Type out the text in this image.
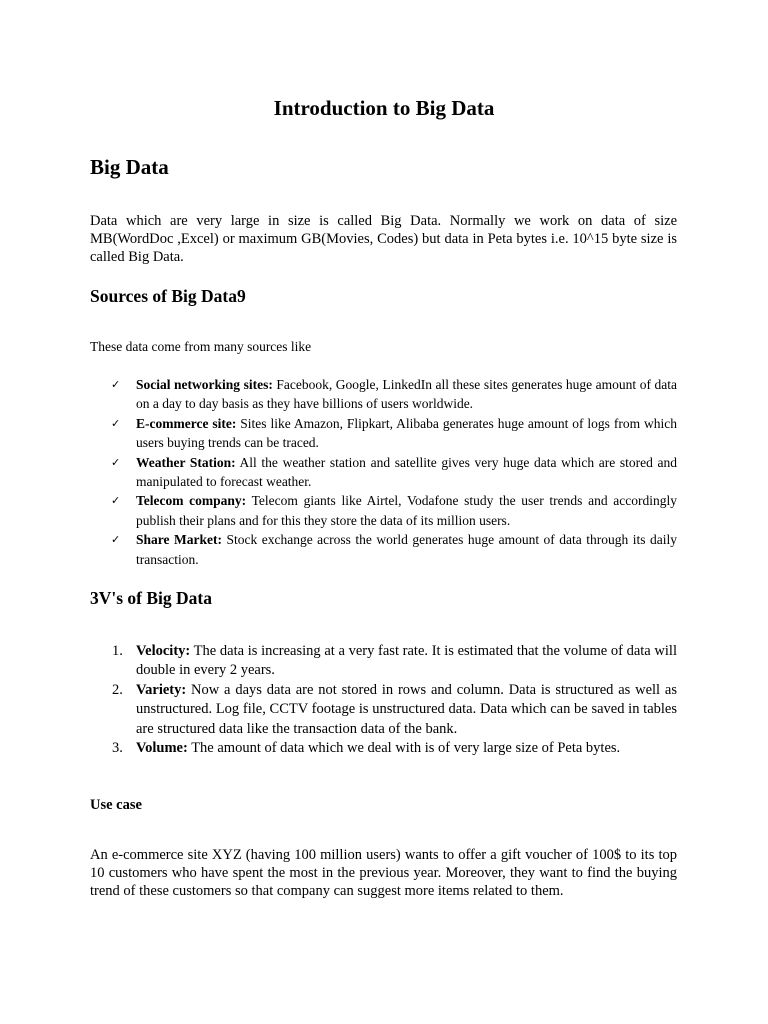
Introduction to Big Data
Big Data

Data which are very large in size is called Big Data. Normally we work on data of size MB(WordDoc ,Excel) or maximum GB(Movies, Codes) but data in Peta bytes i.e. 10^15 byte size is called Big Data.

Sources of Big Data9

These data come from many sources like

✓ Social networking sites: Facebook, Google, LinkedIn all these sites generates huge amount of data on a day to day basis as they have billions of users worldwide.
✓ E-commerce site: Sites like Amazon, Flipkart, Alibaba generates huge amount of logs from which users buying trends can be traced.
✓ Weather Station: All the weather station and satellite gives very huge data which are stored and manipulated to forecast weather.
✓ Telecom company: Telecom giants like Airtel, Vodafone study the user trends and accordingly publish their plans and for this they store the data of its million users.
✓ Share Market: Stock exchange across the world generates huge amount of data through its daily transaction.
3V's of Big Data
1. Velocity: The data is increasing at a very fast rate. It is estimated that the volume of data will double in every 2 years.
2. Variety: Now a days data are not stored in rows and column. Data is structured as well as unstructured. Log file, CCTV footage is unstructured data. Data which can be saved in tables are structured data like the transaction data of the bank.
3. Volume: The amount of data which we deal with is of very large size of Peta bytes.
Use case

An e-commerce site XYZ (having 100 million users) wants to offer a gift voucher of 100$ to its top 10 customers who have spent the most in the previous year. Moreover, they want to find the buying trend of these customers so that company can suggest more items related to them.
